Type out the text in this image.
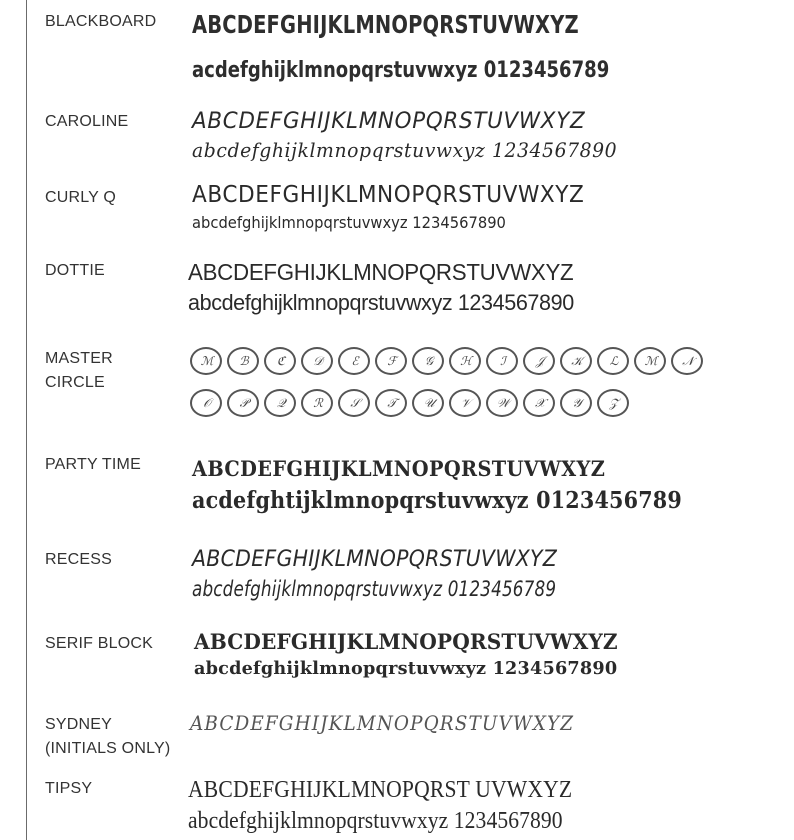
BLACKBOARD	ABCDEFGHIJKLMNOPQRSTUVWXYZ
acdefghijklmnopqrstuvwxyz 0123456789
CAROLINE	ABCDEFGHIJKLMNOPQRSTUVWXYZ
abcdefghijklmnopqrstuvwxyz 1234567890
CURLY Q	ABCDEFGHIJKLMNOPQRSTUVWXYZ
abcdefghijklmnopqrstuvwxyz 1234567890
DOTTIE	ABCDEFGHIJKLMNOPQRSTUVWXYZ
abcdefghijklmnopqrstuvwxyz 1234567890
MASTER
CIRCLE
ℳ	ℬ	ℭ	𝒟	ℰ	ℱ	𝒢	ℋ	ℐ	𝒥	𝒦	ℒ	ℳ	𝒩
𝒪	𝒫	𝒬	ℛ	𝒮	𝒯	𝒰	𝒱	𝒲	𝒳	𝒴	𝒵
PARTY TIME	ABCDEFGHIJKLMNOPQRSTUVWXYZ
acdefghtijklmnopqrstuvwxyz 0123456789
RECESS	ABCDEFGHIJKLMNOPQRSTUVWXYZ
abcdefghijklmnopqrstuvwxyz 0123456789
SERIF BLOCK	ABCDEFGHIJKLMNOPQRSTUVWXYZ
abcdefghijklmnopqrstuvwxyz 1234567890
SYDNEY
(INITIALS ONLY)
ABCDEFGHIJKLMNOPQRSTUVWXYZ
TIPSY	ABCDEFGHIJKLMNOPQRST UVWXYZ
abcdefghijklmnopqrstuvwxyz 1234567890
